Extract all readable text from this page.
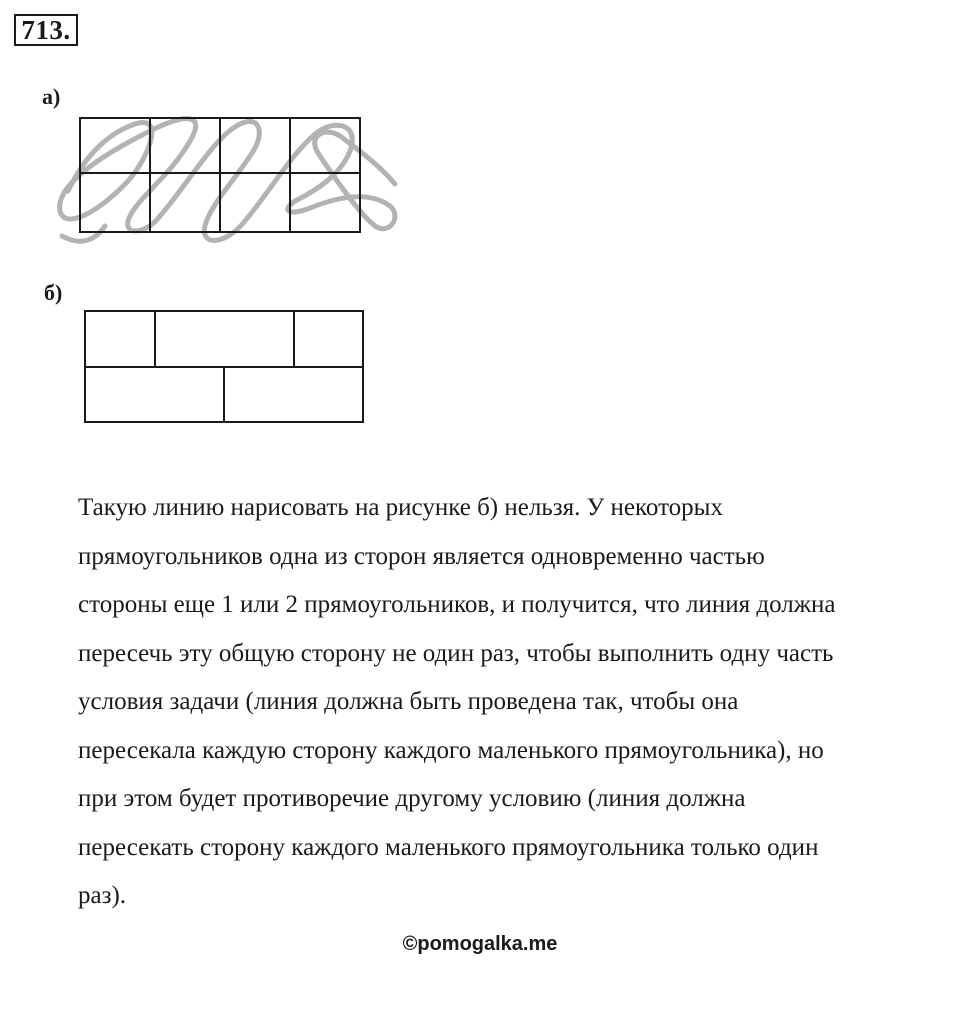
713.
а)
б)

Такую линию нарисовать на рисунке б) нельзя. У некоторых

прямоугольников одна из сторон является одновременно частью

стороны еще 1 или 2 прямоугольников, и получится, что линия должна

пересечь эту общую сторону не один раз, чтобы выполнить одну часть

условия задачи (линия должна быть проведена так, чтобы она

пересекала каждую сторону каждого маленького прямоугольника), но

при этом будет противоречие другому условию (линия должна

пересекать сторону каждого маленького прямоугольника только один

раз).

©pomogalka.me
